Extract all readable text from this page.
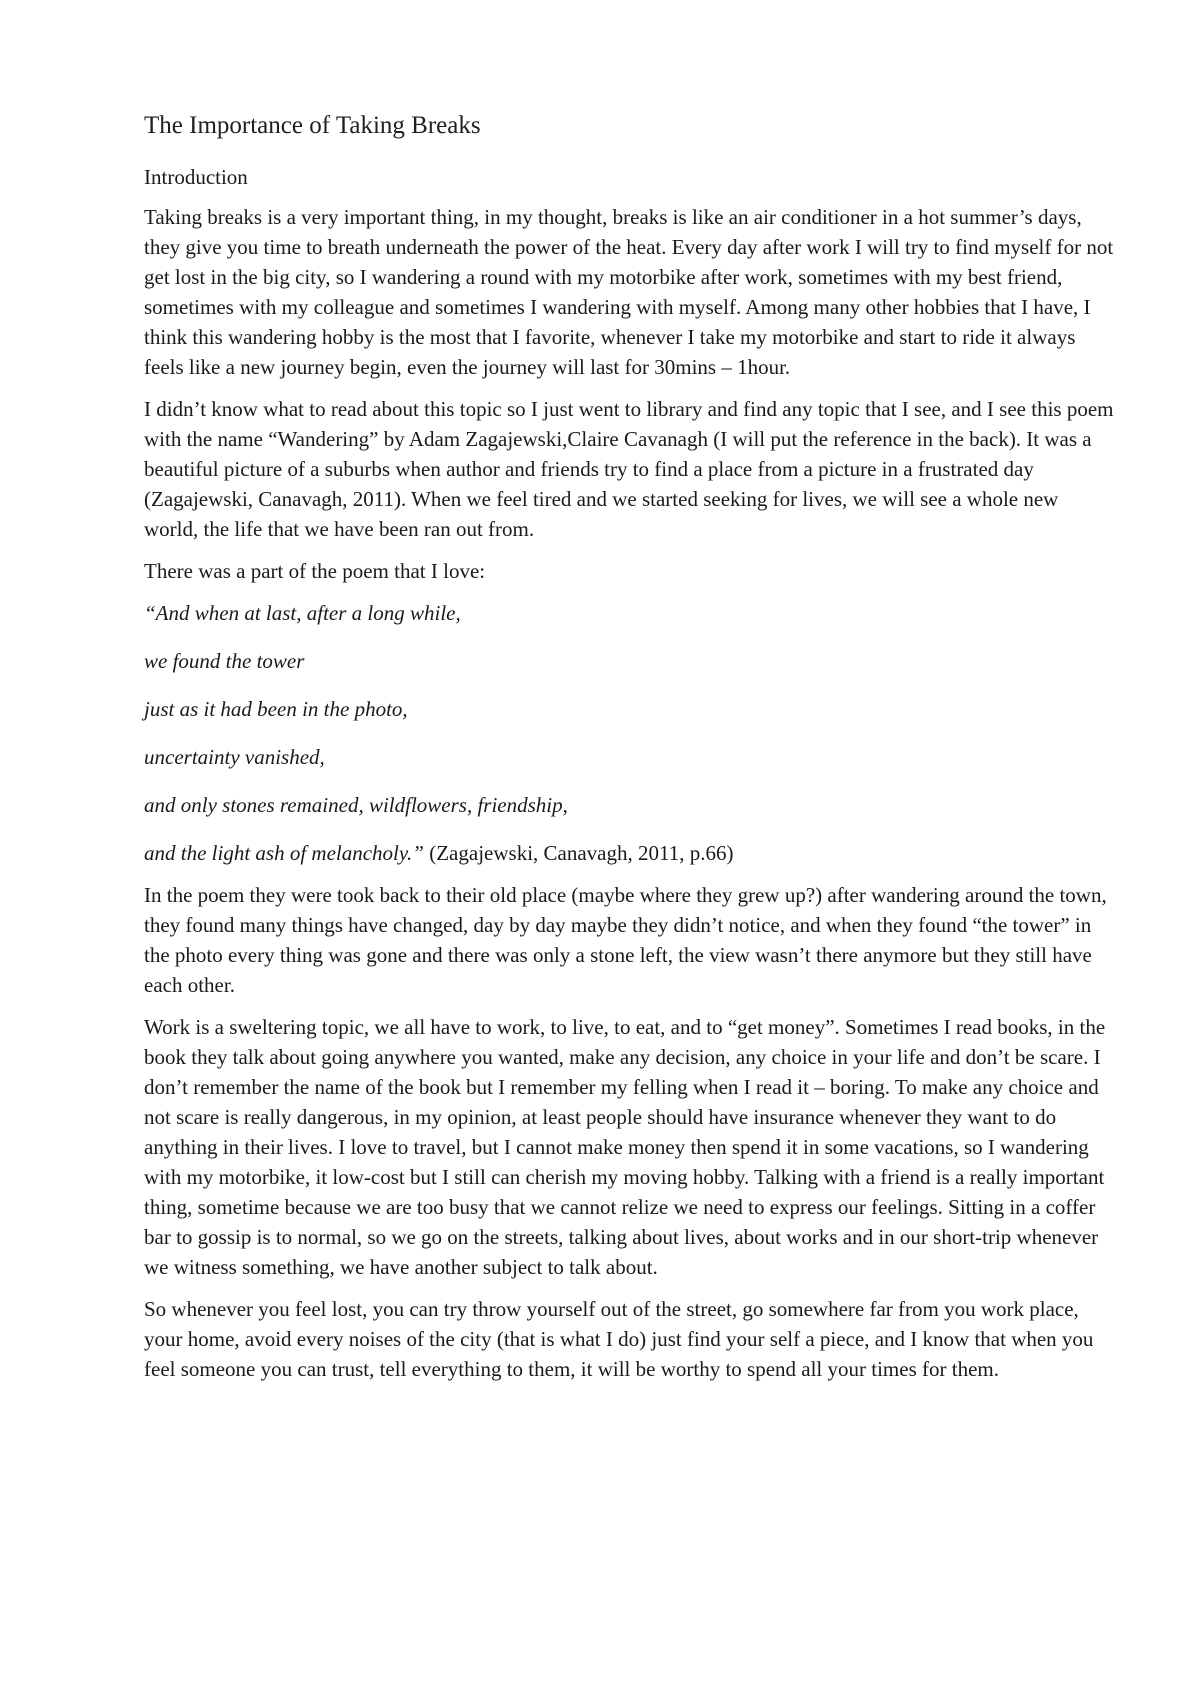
The Importance of Taking Breaks
Introduction

Taking breaks is a very important thing, in my thought, breaks is like an air conditioner in a hot summer’s days, they give you time to breath underneath the power of the heat. Every day after work I will try to find myself for not get lost in the big city, so I wandering a round with my motorbike after work, sometimes with my best friend, sometimes with my colleague and sometimes I wandering with myself. Among many other hobbies that I have, I think this wandering hobby is the most that I favorite, whenever I take my motorbike and start to ride it always feels like a new journey begin, even the journey will last for 30mins – 1hour.

I didn’t know what to read about this topic so I just went to library and find any topic that I see, and I see this poem with the name “Wandering” by Adam Zagajewski,Claire Cavanagh (I will put the reference in the back). It was a beautiful picture of a suburbs when author and friends try to find a place from a picture in a frustrated day (Zagajewski, Canavagh, 2011). When we feel tired and we started seeking for lives, we will see a whole new world, the life that we have been ran out from.

There was a part of the poem that I love:

“And when at last, after a long while,

we found the tower

just as it had been in the photo,

uncertainty vanished,

and only stones remained, wildflowers, friendship,

and the light ash of melancholy.” (Zagajewski, Canavagh, 2011, p.66)

In the poem they were took back to their old place (maybe where they grew up?) after wandering around the town, they found many things have changed, day by day maybe they didn’t notice, and when they found “the tower” in the photo every thing was gone and there was only a stone left, the view wasn’t there anymore but they still have each other.

Work is a sweltering topic, we all have to work, to live, to eat, and to “get money”. Sometimes I read books, in the book they talk about going anywhere you wanted, make any decision, any choice in your life and don’t be scare. I don’t remember the name of the book but I remember my felling when I read it – boring. To make any choice and not scare is really dangerous, in my opinion, at least people should have insurance whenever they want to do anything in their lives. I love to travel, but I cannot make money then spend it in some vacations, so I wandering with my motorbike, it low-cost but I still can cherish my moving hobby. Talking with a friend is a really important thing, sometime because we are too busy that we cannot relize we need to express our feelings. Sitting in a coffer bar to gossip is to normal, so we go on the streets, talking about lives, about works and in our short-trip whenever we witness something, we have another subject to talk about.

So whenever you feel lost, you can try throw yourself out of the street, go somewhere far from you work place, your home, avoid every noises of the city (that is what I do) just find your self a piece, and I know that when you feel someone you can trust, tell everything to them, it will be worthy to spend all your times for them.
